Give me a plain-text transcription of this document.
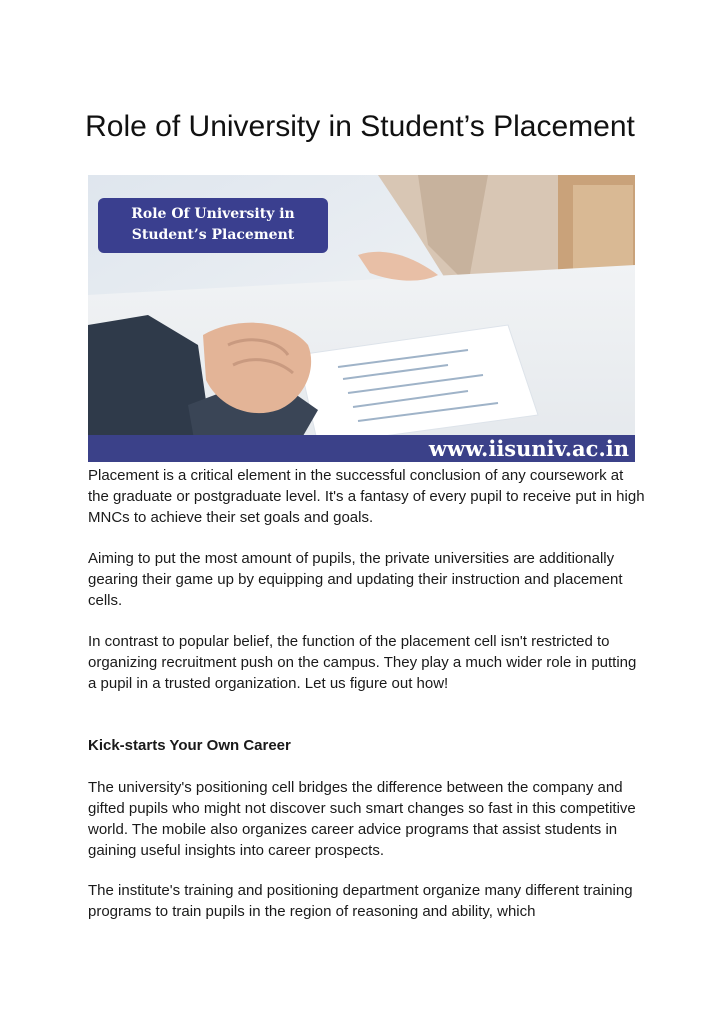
Role of University in Student’s Placement
Role Of University in
Student’s Placement
www.iisuniv.ac.in

Placement is a critical element in the successful conclusion of any coursework at the graduate or postgraduate level. It's a fantasy of every pupil to receive put in high MNCs to achieve their set goals and goals.

Aiming to put the most amount of pupils, the private universities are additionally gearing their game up by equipping and updating their instruction and placement cells.

In contrast to popular belief, the function of the placement cell isn't restricted to organizing recruitment push on the campus. They play a much wider role in putting a pupil in a trusted organization. Let us figure out how!

Kick-starts Your Own Career

The university's positioning cell bridges the difference between the company and gifted pupils who might not discover such smart changes so fast in this competitive world. The mobile also organizes career advice programs that assist students in gaining useful insights into career prospects.

The institute's training and positioning department organize many different training programs to train pupils in the region of reasoning and ability, which
